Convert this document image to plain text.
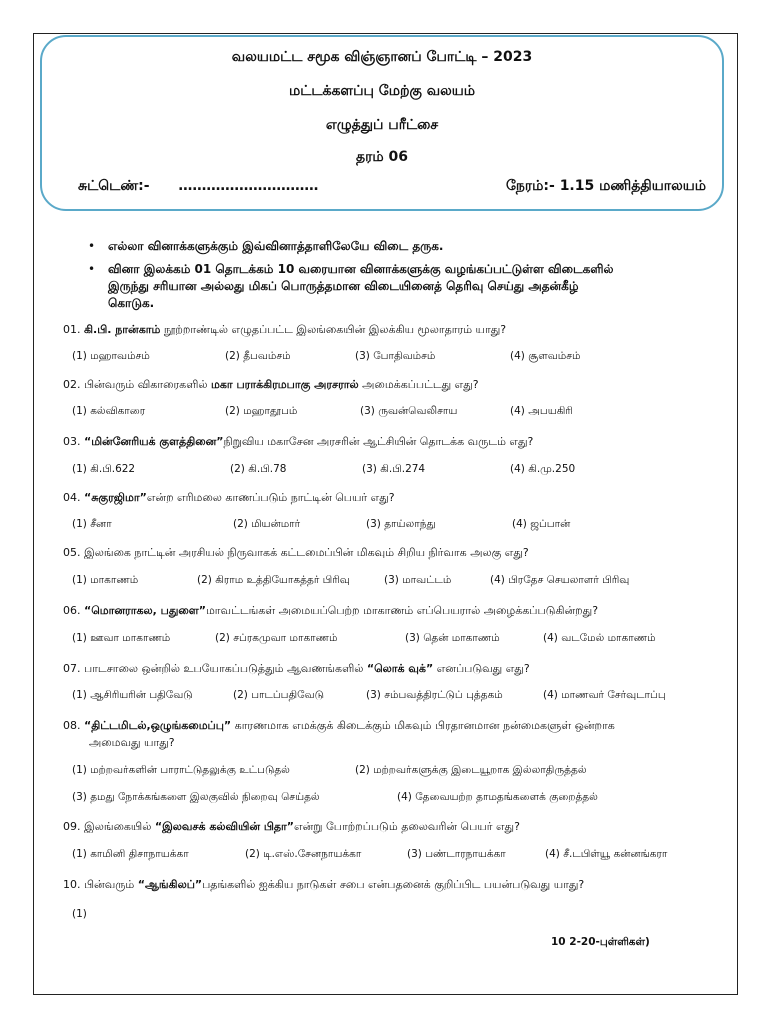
வலயமட்ட சமூக விஞ்ஞானப் போட்டி – 2023
மட்டக்களப்பு மேற்கு வலயம்
எழுத்துப் பரீட்சை
தரம் 06
சுட்டெண்:- …………………………	நேரம்:- 1.15 மணித்தியாலயம்
• எல்லா வினாக்களுக்கும் இவ்வினாத்தாளிலேயே விடை தருக.
• வினா இலக்கம் 01 தொடக்கம் 10 வரையான வினாக்களுக்கு வழங்கப்பட்டுள்ள விடைகளில்
இருந்து சரியான அல்லது மிகப் பொருத்தமான விடையினைத் தெரிவு செய்து அதன்கீழ்
கொடுக.
01. கி.பி. நான்காம் நூற்றாண்டில் எழுதப்பட்ட இலங்கையின் இலக்கிய மூலாதாரம் யாது?
(1) மஹாவம்சம்	(2) தீபவம்சம்	(3) போதிவம்சம்	(4) சூளவம்சம்
02. பின்வரும் விகாரைகளில் மகா பராக்கிரமபாகு அரசரால் அமைக்கப்பட்டது எது?
(1) கல்விகாரை	(2) மஹாதூபம்	(3) ருவன்வெலிசாய	(4) அபயகிரி
03. “மின்னேரியக் குளத்தினை”நிறுவிய மகாசேன அரசரின் ஆட்சியின் தொடக்க வருடம் எது?
(1) கி.பி.622	(2) கி.பி.78	(3) கி.பி.274	(4) கி.மு.250
04. “சுகுரஜிமா”என்ற எரிமலை காணப்படும் நாட்டின் பெயர் எது?
(1) சீனா	(2) மியன்மார்	(3) தாய்லாந்து	(4) ஜப்பான்
05. இலங்கை நாட்டின் அரசியல் நிருவாகக் கட்டமைப்பின் மிகவும் சிறிய நிர்வாக அலகு எது?
(1) மாகாணம்	(2) கிராம உத்தியோகத்தர் பிரிவு	(3) மாவட்டம்	(4) பிரதேச செயலாளர் பிரிவு
06. “மொனராகல, பதுளை”மாவட்டங்கள் அமையப்பெற்ற மாகாணம் எப்பெயரால் அழைக்கப்படுகின்றது?
(1) ஊவா மாகாணம்	(2) சப்ரகமுவா மாகாணம்	(3) தென் மாகாணம்	(4) வடமேல் மாகாணம்
07. பாடசாலை ஒன்றில் உபயோகப்படுத்தும் ஆவணங்களில் “லொக் வுக்” எனப்படுவது எது?
(1) ஆசிரியரின் பதிவேடு	(2) பாடப்பதிவேடு	(3) சம்பவத்திரட்டுப் புத்தகம்	(4) மாணவர் சேர்வுடாப்பு
08. “திட்டமிடல்,ஒழுங்கமைப்பு” காரணமாக எமக்குக் கிடைக்கும் மிகவும் பிரதானமான நன்மைகளுள் ஒன்றாக
அமைவது யாது?
(1) மற்றவர்களின் பாராட்டுதலுக்கு உட்படுதல்	(2) மற்றவர்களுக்கு இடையூறாக இல்லாதிருத்தல்
(3) தமது நோக்கங்களை இலகுவில் நிறைவு செய்தல்	(4) தேவையற்ற தாமதங்களைக் குறைத்தல்
09. இலங்கையில் “இலவசக் கல்வியின் பிதா”என்று போற்றப்படும் தலைவரின் பெயர் எது?
(1) காமினி திசாநாயக்கா	(2) டி.எஸ்.சேனநாயக்கா	(3) பண்டாரநாயக்கா	(4) சீ.டபிள்யூ கன்னங்கரா
10. பின்வரும் “ஆங்கிலப்”பதங்களில் ஐக்கிய நாடுகள் சபை என்பதனைக் குறிப்பிட பயன்படுவது யாது?
(1)
10 2-20-புள்ளிகள்)
